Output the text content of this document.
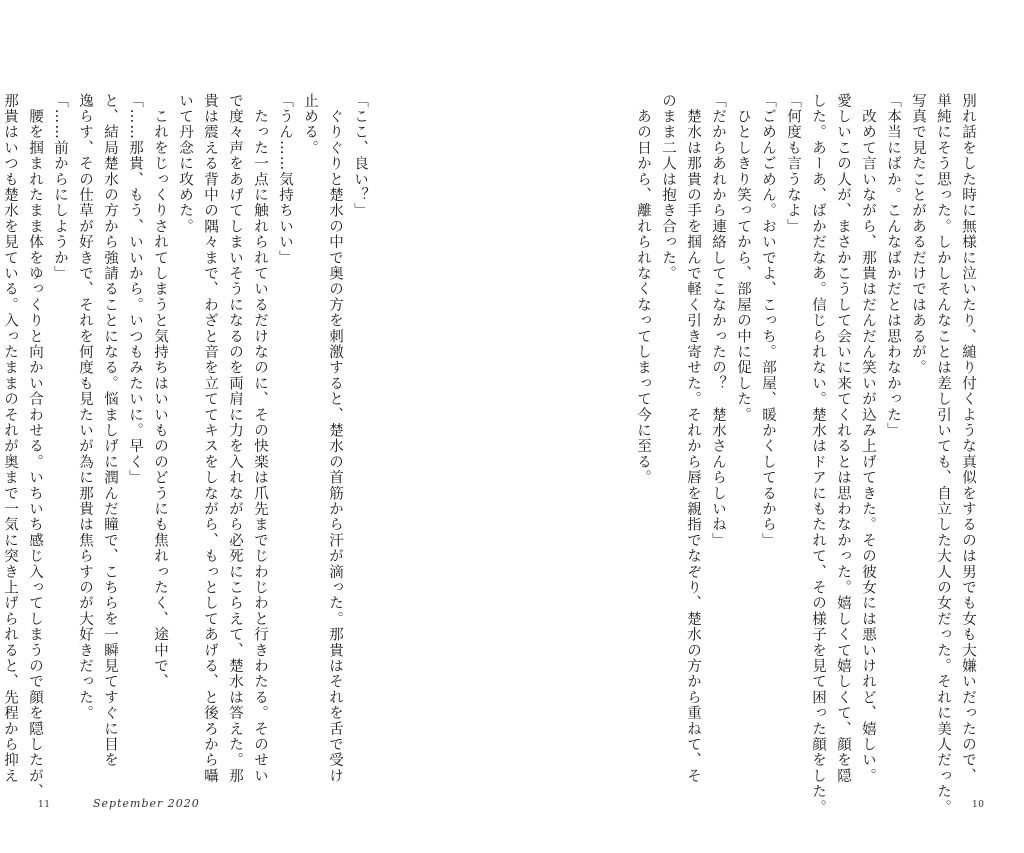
別れ話をした時に無様に泣いたり、縋り付くような真似をするのは男でも女も大嫌いだったので、
単純にそう思った。しかしそんなことは差し引いても、自立した大人の女だった。それに美人だった。
写真で見たことがあるだけではあるが。
「本当にばか。こんなばかだとは思わなかった」
　改めて言いながら、那貴はだんだん笑いが込み上げてきた。その彼女には悪いけれど、嬉しい。
愛しいこの人が、まさかこうして会いに来てくれるとは思わなかった。嬉しくて嬉しくて、顔を隠
した。あーあ、ばかだなあ。信じられない。楚水はドアにもたれて、その様子を見て困った顔をした。
「何度も言うなよ」
「ごめんごめん。おいでよ、こっち。部屋、暖かくしてるから」
　ひとしきり笑ってから、部屋の中に促した。
「だからあれから連絡してこなかったの？　楚水さんらしいね」
　楚水は那貴の手を掴んで軽く引き寄せた。それから唇を親指でなぞり、楚水の方から重ねて、そ
のまま二人は抱き合った。
　あの日から、離れられなくなってしまって今に至る。
「ここ、良い？」
　ぐりぐりと楚水の中で奥の方を刺激すると、楚水の首筋から汗が滴った。那貴はそれを舌で受け
止める。
「うん……気持ちいい」
　たった一点に触れられているだけなのに、その快楽は爪先までじわじわと行きわたる。そのせい
で度々声をあげてしまいそうになるのを両肩に力を入れながら必死にこらえて、楚水は答えた。那
貴は震える背中の隅々まで、わざと音を立ててキスをしながら、もっとしてあげる、と後ろから囁
いて丹念に攻めた。
　これをじっくりされてしまうと気持ちはいいもののどうにも焦れったく、途中で、
「……那貴、もう、いいから。いつもみたいに。早く」
と、結局楚水の方から強請ることになる。悩ましげに潤んだ瞳で、こちらを一瞬見てすぐに目を
逸らす、その仕草が好きで、それを何度も見たいが為に那貴は焦らすのが大好きだった。
「……前からにしようか」
　腰を掴まれたまま体をゆっくりと向かい合わせる。いちいち感じ入ってしまうので顔を隠したが、
那貴はいつも楚水を見ている。入ったままのそれが奥まで一気に突き上げられると、先程から抑え
11	September 2020	10
